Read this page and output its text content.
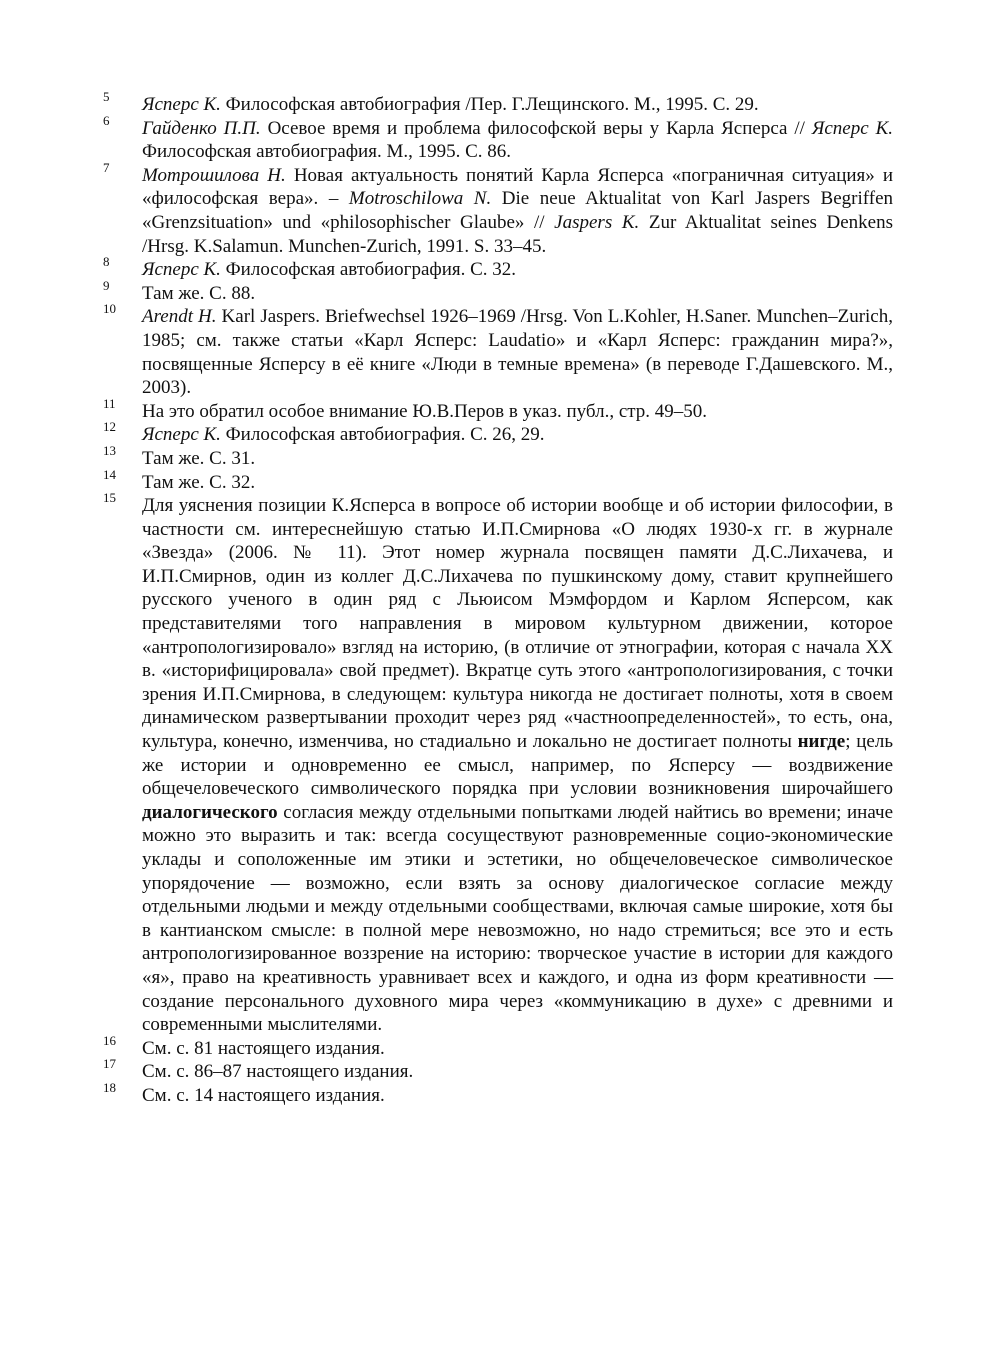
5 Ясперс К. Философская автобиография /Пер. Г.Лещинского. М., 1995. С. 29.
6 Гайденко П.П. Осевое время и проблема философской веры у Карла Ясперса // Ясперс К. Философская автобиография. М., 1995. С. 86.
7 Мотрошилова Н. Новая актуальность понятий Карла Ясперса «пограничная ситуация» и «философская вера». – Motroschilowa N. Die neue Aktualitat von Karl Jaspers Begriffen «Grenzsituation» und «philosophischer Glaube» // Jaspers K. Zur Aktualitat seines Denkens /Hrsg. K.Salamun. Munchen-Zurich, 1991. S. 33–45.
8 Ясперс К. Философская автобиография. С. 32.
9 Там же. С. 88.
10 Arendt H. Karl Jaspers. Briefwechsel 1926–1969 /Hrsg. Von L.Kohler, H.Saner. Munchen–Zurich, 1985; см. также статьи «Карл Ясперс: Laudatio» и «Карл Ясперс: гражданин мира?», посвященные Ясперсу в её книге «Люди в темные времена» (в переводе Г.Дашевского. М., 2003).
11 На это обратил особое внимание Ю.В.Перов в указ. публ., стр. 49–50.
12 Ясперс К. Философская автобиография. С. 26, 29.
13 Там же. С. 31.
14 Там же. С. 32.
15 Для уяснения позиции К.Ясперса в вопросе об истории вообще и об истории философии, в частности см. интереснейшую статью И.П.Смирнова «О людях 1930-х гг. в журнале «Звезда» (2006. № 11). Этот номер журнала посвящен памяти Д.С.Лихачева, и И.П.Смирнов, один из коллег Д.С.Лихачева по пушкинскому дому, ставит крупнейшего русского ученого в один ряд с Льюисом Мэмфордом и Карлом Ясперсом, как представителями того направления в мировом культурном движении, которое «антропологизировало» взгляд на историю, (в отличие от этнографии, которая с начала XX в. «историфицировала» свой предмет). Вкратце суть этого «антропологизирования, с точки зрения И.П.Смирнова, в следующем: культура никогда не достигает полноты, хотя в своем динамическом развертывании проходит через ряд «частноопределенностей», то есть, она, культура, конечно, изменчива, но стадиально и локально не достигает полноты нигде; цель же истории и одновременно ее смысл, например, по Ясперсу — воздвижение общечеловеческого символического порядка при условии возникновения широчайшего диалогического согласия между отдельными попытками людей найтись во времени; иначе можно это выразить и так: всегда сосуществуют разновременные социо-экономические уклады и соположенные им этики и эстетики, но общечеловеческое символическое упорядочение — возможно, если взять за основу диалогическое согласие между отдельными людьми и между отдельными сообществами, включая самые широкие, хотя бы в кантианском смысле: в полной мере невозможно, но надо стремиться; все это и есть антропологизированное воззрение на историю: творческое участие в истории для каждого «я», право на креативность уравнивает всех и каждого, и одна из форм креативности — создание персонального духовного мира через «коммуникацию в духе» с древними и современными мыслителями.
16 См. с. 81 настоящего издания.
17 См. с. 86–87 настоящего издания.
18 См. с. 14 настоящего издания.
